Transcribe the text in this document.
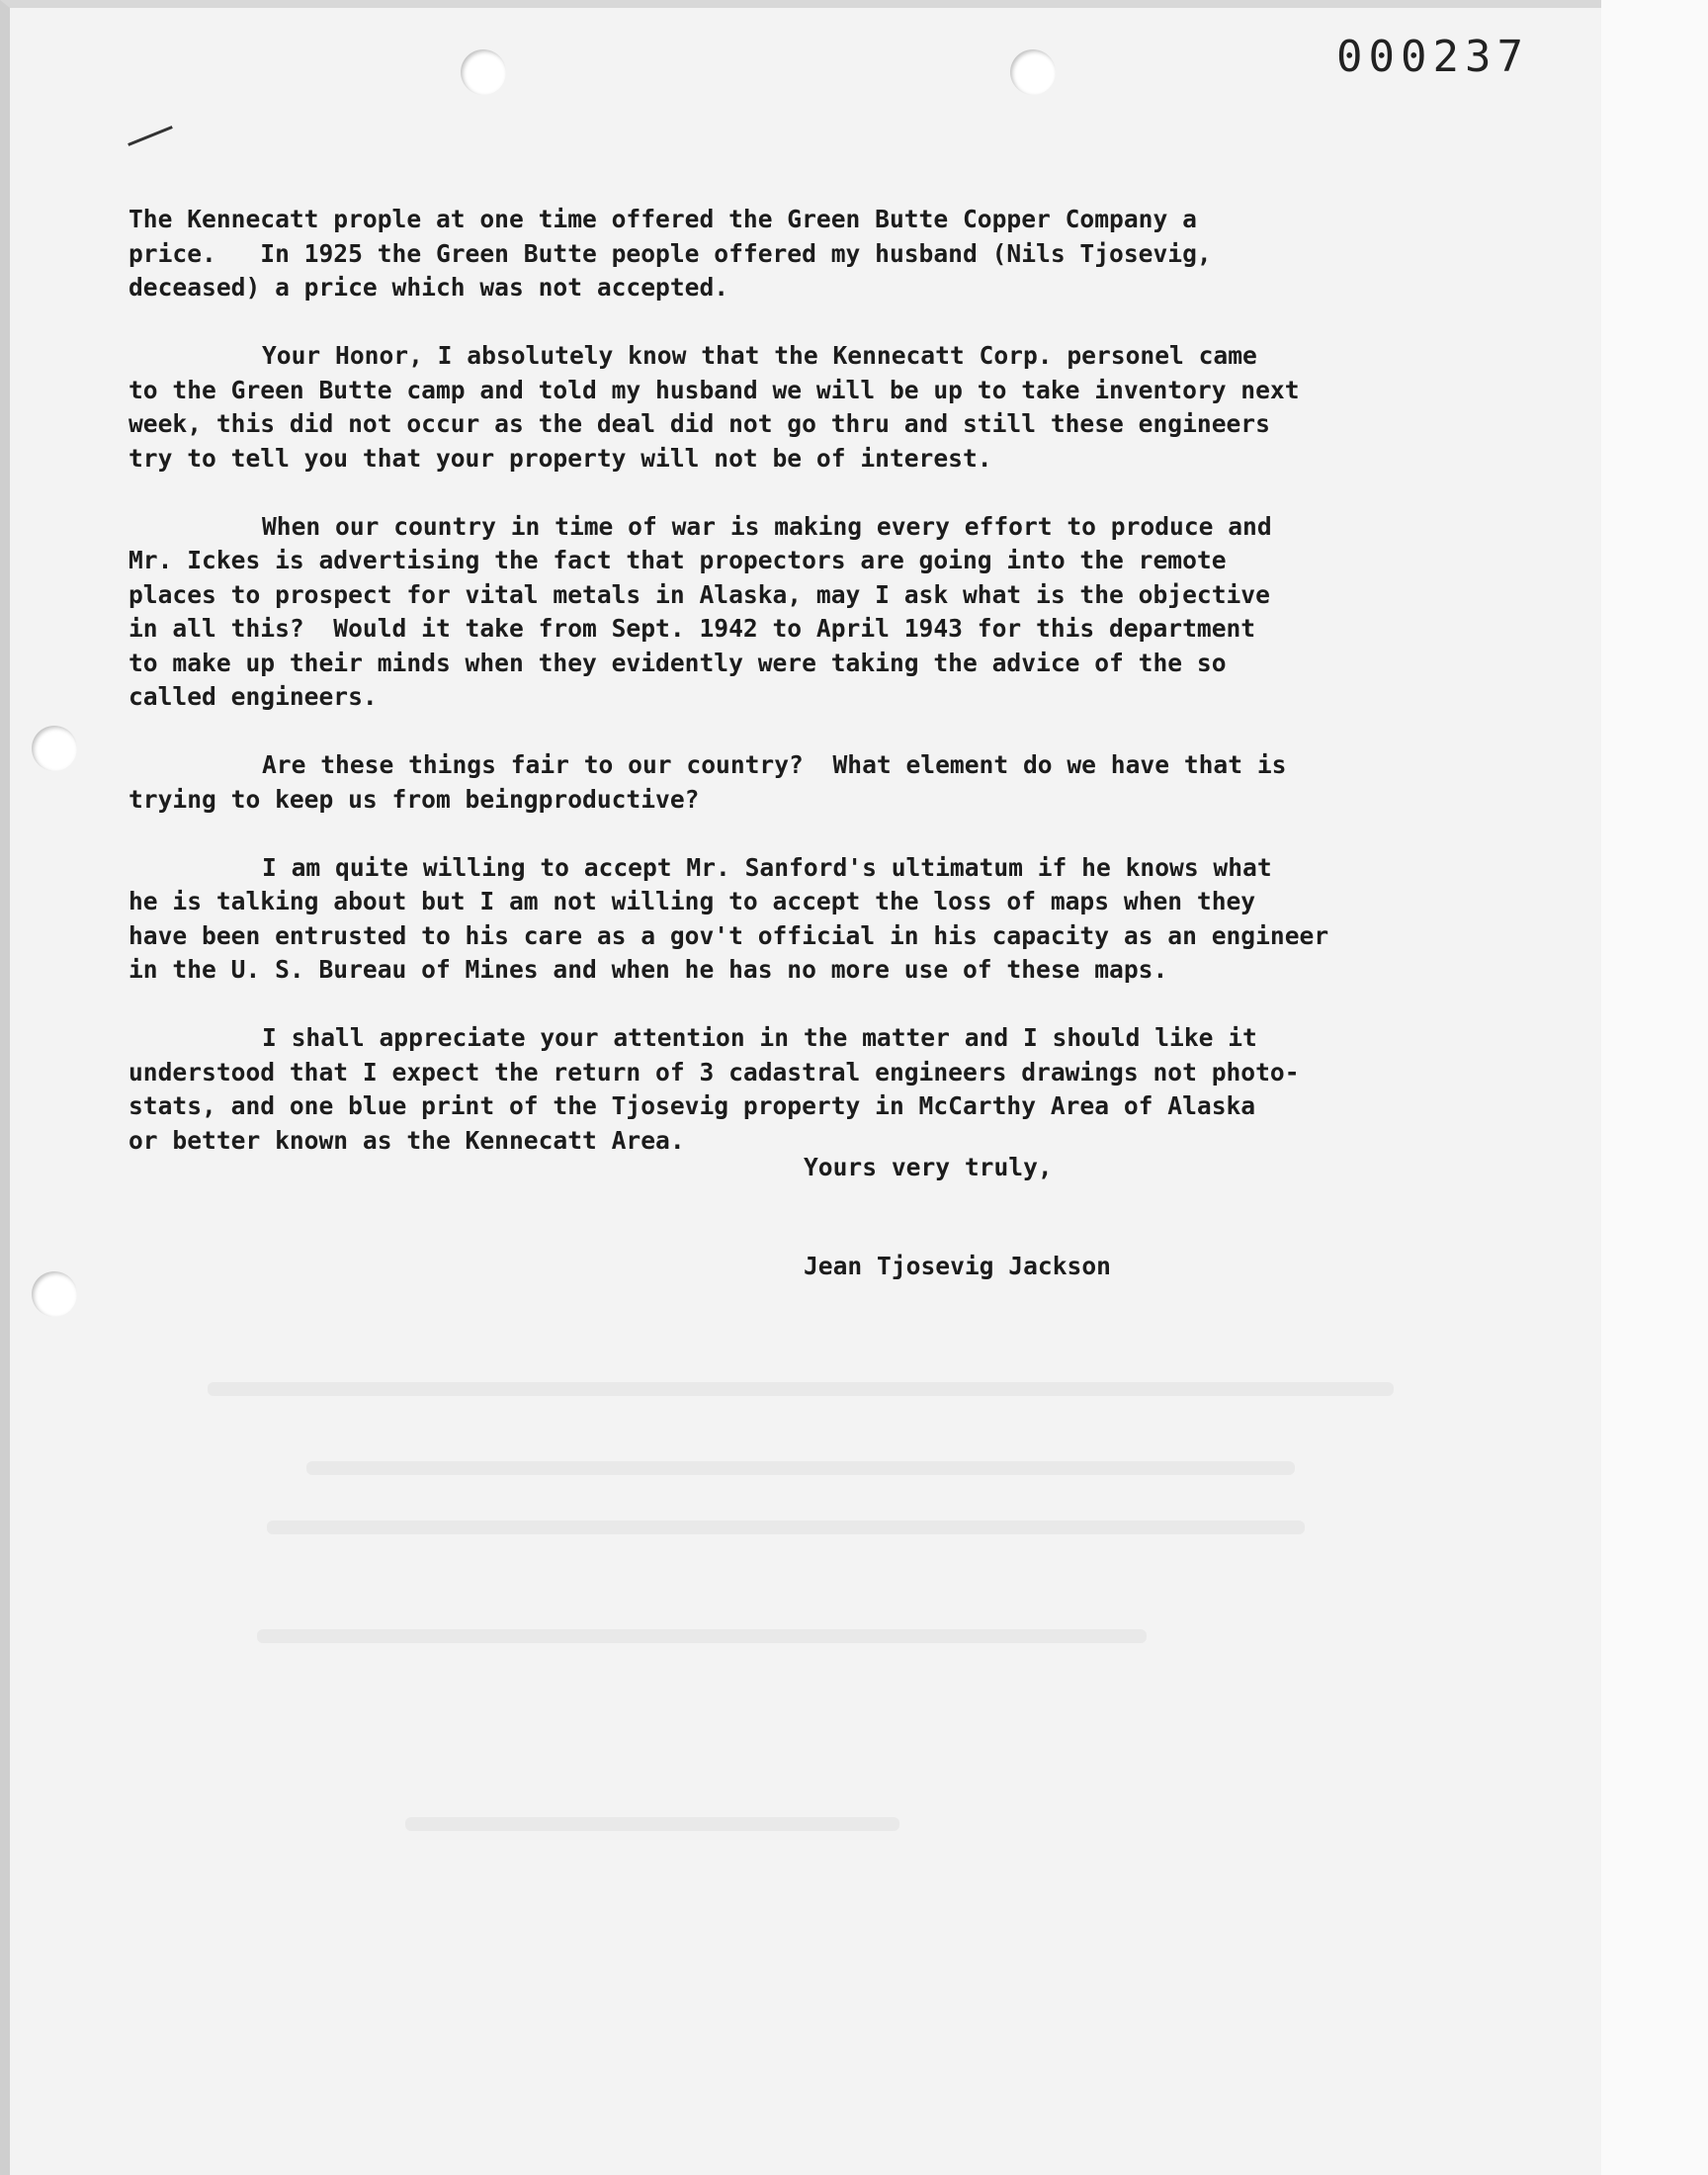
000237
The Kennecatt prople at one time offered the Green Butte Copper Company a
price.   In 1925 the Green Butte people offered my husband (Nils Tjosevig,
deceased) a price which was not accepted.
Your Honor, I absolutely know that the Kennecatt Corp. personel came
to the Green Butte camp and told my husband we will be up to take inventory next
week, this did not occur as the deal did not go thru and still these engineers
try to tell you that your property will not be of interest.
When our country in time of war is making every effort to produce and
Mr. Ickes is advertising the fact that propectors are going into the remote
places to prospect for vital metals in Alaska, may I ask what is the objective
in all this?  Would it take from Sept. 1942 to April 1943 for this department
to make up their minds when they evidently were taking the advice of the so
called engineers.
Are these things fair to our country?  What element do we have that is
trying to keep us from beingproductive?
I am quite willing to accept Mr. Sanford's ultimatum if he knows what
he is talking about but I am not willing to accept the loss of maps when they
have been entrusted to his care as a gov't official in his capacity as an engineer
in the U. S. Bureau of Mines and when he has no more use of these maps.
I shall appreciate your attention in the matter and I should like it
understood that I expect the return of 3 cadastral engineers drawings not photo-
stats, and one blue print of the Tjosevig property in McCarthy Area of Alaska
or better known as the Kennecatt Area.
Yours very truly,
Jean Tjosevig Jackson
